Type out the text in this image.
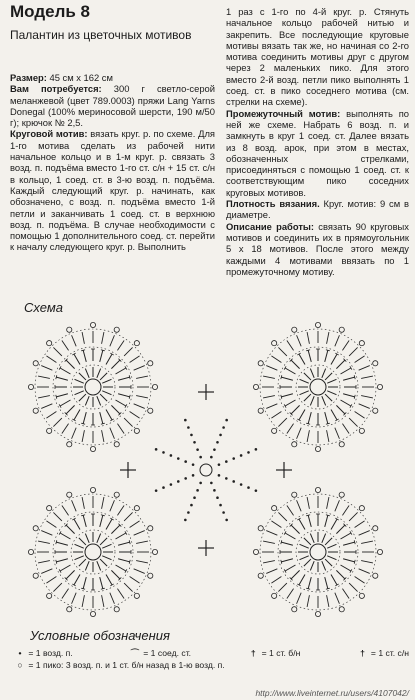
Модель 8
Палантин из цветочных мотивов

Размер: 45 см х 162 см

Вам потребуется: 300 г светло-серой меланжевой (цвет 789.0003) пряжи Lang Yarns Donegal (100% мериносовой шерсти, 190 м/50 г); крючок № 2,5.

Круговой мотив: вязать круг. р. по схеме. Для 1-го мотива сделать из рабочей нити начальное кольцо и в 1-м круг. р. связать 3 возд. п. подъёма вместо 1-го ст. с/н + 15 ст. с/н в кольцо, 1 соед. ст. в 3-ю возд. п. подъёма. Каждый следующий круг. р. начинать, как обозначено, с возд. п. подъёма вместо 1-й петли и заканчивать 1 соед. ст. в верхнюю возд. п. подъёма. В случае необходимости с помощью 1 дополнительного соед. ст. перейти к началу следующего круг. р. Выполнить

1 раз с 1-го по 4-й круг. р. Стянуть начальное кольцо рабочей нитью и закрепить. Все последующие круговые мотивы вязать так же, но начиная со 2-го мотива соединить мотивы друг с другом через 2 маленьких пико. Для этого вместо 2-й возд. петли пико выполнять 1 соед. ст. в пико соседнего мотива (см. стрелки на схеме).

Промежуточный мотив: выполнять по ней же схеме. Набрать 6 возд. п. и замкнуть в круг 1 соед. ст. Далее вязать из 8 возд. арок, при этом в местах, обозначенных стрелками, присоединяться с помощью 1 соед. ст. к соответствующим пико соседних круговых мотивов.

Плотность вязания. Круг. мотив: 9 см в диаметре.

Описание работы: связать 90 круговых мотивов и соединить их в прямоугольник 5 х 18 мотивов. После этого между каждыми 4 мотивами ввязать по 1 промежуточному мотиву.

Схема
Условные обозначения
• = 1 возд. п.	⌒ = 1 соед. ст.	† = 1 ст. б/н	† = 1 ст. с/н
○ = 1 пико: 3 возд. п. и 1 ст. б/н назад в 1-ю возд. п.
http://www.liveinternet.ru/users/4107042/
